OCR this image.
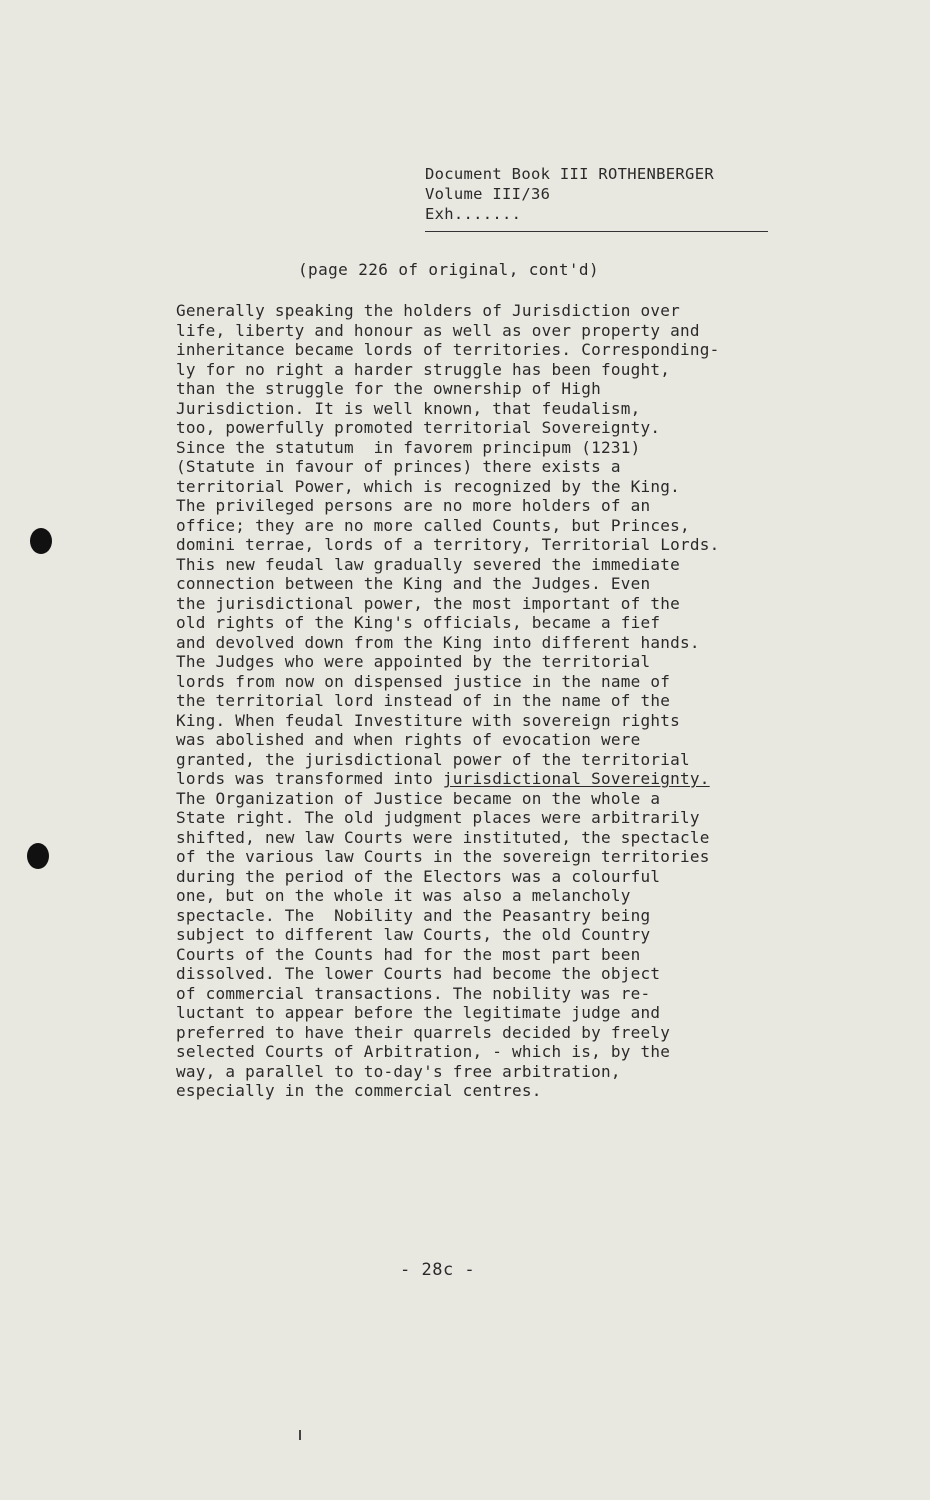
Document Book III ROTHENBERGER
Volume III/36
Exh.......
(page 226 of original, cont'd)
Generally speaking the holders of Jurisdiction over
life, liberty and honour as well as over property and
inheritance became lords of territories. Corresponding-
ly for no right a harder struggle has been fought,
than the struggle for the ownership of High
Jurisdiction. It is well known, that feudalism,
too, powerfully promoted territorial Sovereignty.
Since the statutum  in favorem principum (1231)
(Statute in favour of princes) there exists a
territorial Power, which is recognized by the King.
The privileged persons are no more holders of an
office; they are no more called Counts, but Princes,
domini terrae, lords of a territory, Territorial Lords.
This new feudal law gradually severed the immediate
connection between the King and the Judges. Even
the jurisdictional power, the most important of the
old rights of the King's officials, became a fief
and devolved down from the King into different hands.
The Judges who were appointed by the territorial
lords from now on dispensed justice in the name of
the territorial lord instead of in the name of the
King. When feudal Investiture with sovereign rights
was abolished and when rights of evocation were
granted, the jurisdictional power of the territorial
lords was transformed into jurisdictional Sovereignty.
The Organization of Justice became on the whole a
State right. The old judgment places were arbitrarily
shifted, new law Courts were instituted, the spectacle
of the various law Courts in the sovereign territories
during the period of the Electors was a colourful
one, but on the whole it was also a melancholy
spectacle. The  Nobility and the Peasantry being
subject to different law Courts, the old Country
Courts of the Counts had for the most part been
dissolved. The lower Courts had become the object
of commercial transactions. The nobility was re-
luctant to appear before the legitimate judge and
preferred to have their quarrels decided by freely
selected Courts of Arbitration, - which is, by the
way, a parallel to to-day's free arbitration,
especially in the commercial centres.
- 28c -
